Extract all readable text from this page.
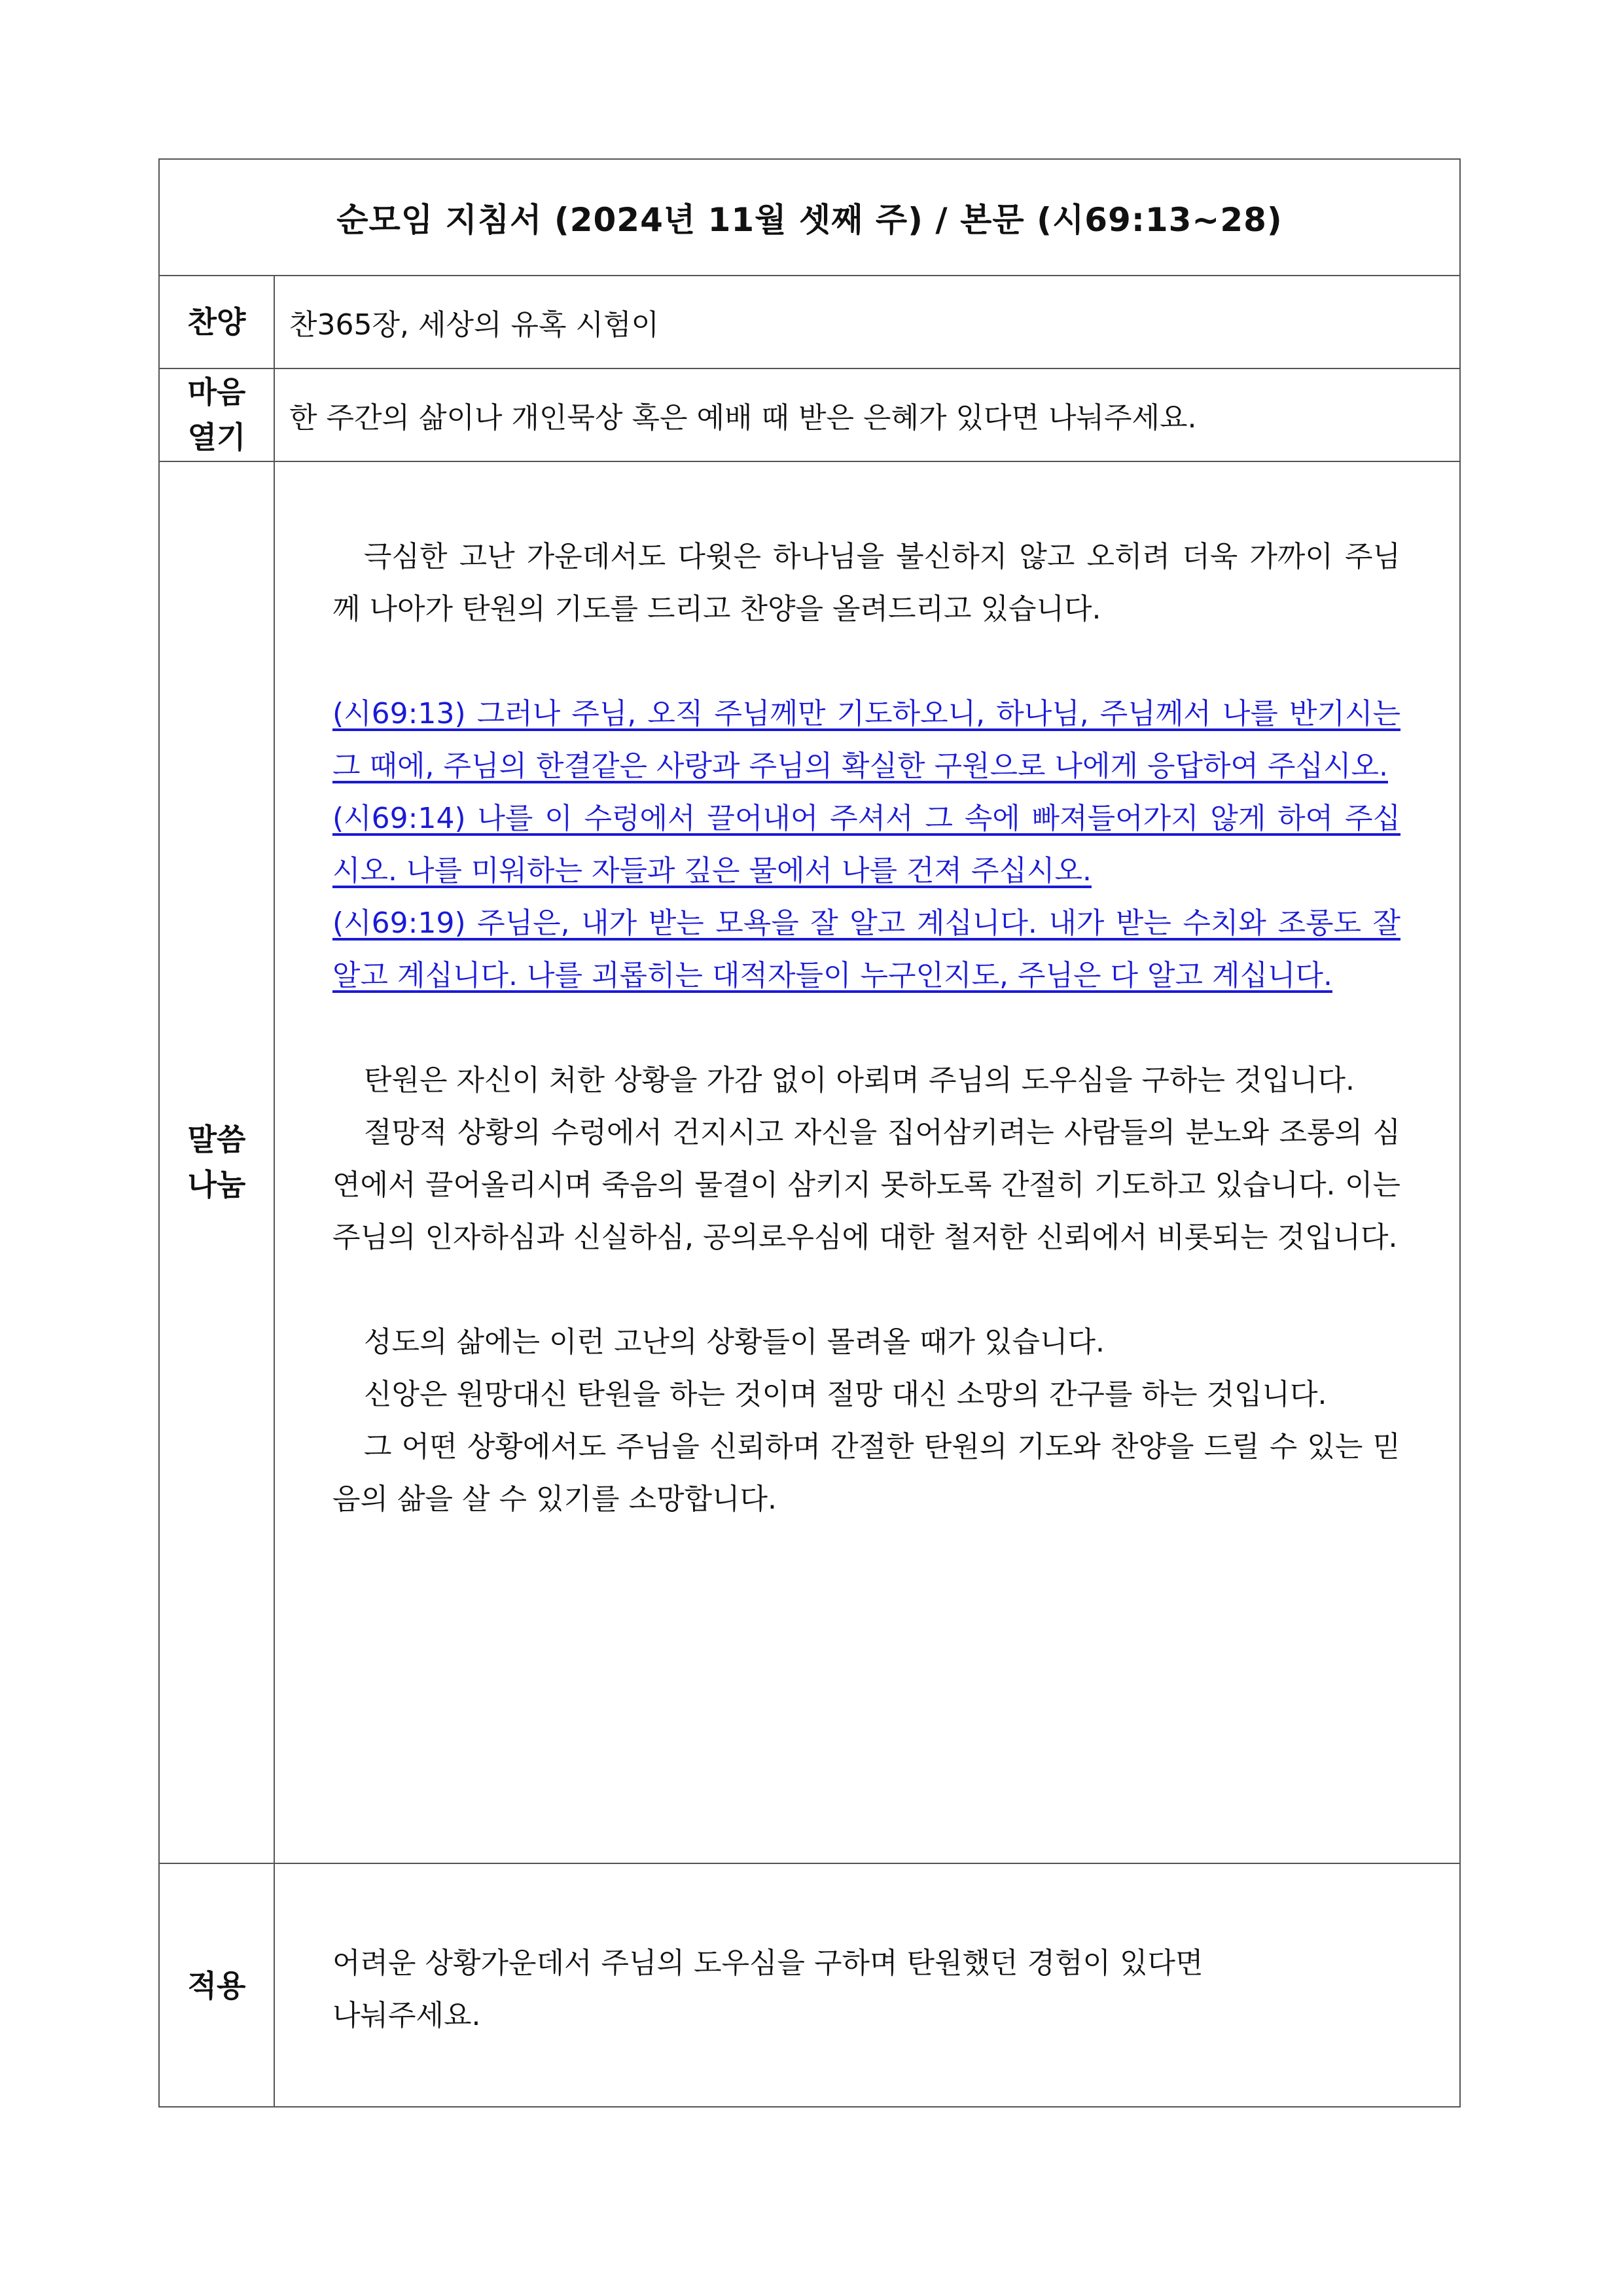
순모임 지침서 (2024년 11월 셋째 주) / 본문 (시69:13~28)
찬양 찬365장, 세상의 유혹 시험이
마음
열기
한 주간의 삶이나 개인묵상 혹은 예배 때 받은 은혜가 있다면 나눠주세요.
말씀
나눔

극심한 고난 가운데서도 다윗은 하나님을 불신하지 않고 오히려 더욱 가까이 주님께 나아가 탄원의 기도를 드리고 찬양을 올려드리고 있습니다.

(시69:13) 그러나 주님, 오직 주님께만 기도하오니, 하나님, 주님께서 나를 반기시는 그 때에, 주님의 한결같은 사랑과 주님의 확실한 구원으로 나에게 응답하여 주십시오.

(시69:14) 나를 이 수렁에서 끌어내어 주셔서 그 속에 빠져들어가지 않게 하여 주십시오. 나를 미워하는 자들과 깊은 물에서 나를 건져 주십시오.

(시69:19) 주님은, 내가 받는 모욕을 잘 알고 계십니다. 내가 받는 수치와 조롱도 잘 알고 계십니다. 나를 괴롭히는 대적자들이 누구인지도, 주님은 다 알고 계십니다.

탄원은 자신이 처한 상황을 가감 없이 아뢰며 주님의 도우심을 구하는 것입니다.

절망적 상황의 수렁에서 건지시고 자신을 집어삼키려는 사람들의 분노와 조롱의 심연에서 끌어올리시며 죽음의 물결이 삼키지 못하도록 간절히 기도하고 있습니다. 이는 주님의 인자하심과 신실하심, 공의로우심에 대한 철저한 신뢰에서 비롯되는 것입니다.

성도의 삶에는 이런 고난의 상황들이 몰려올 때가 있습니다.

신앙은 원망대신 탄원을 하는 것이며 절망 대신 소망의 간구를 하는 것입니다.

그 어떤 상황에서도 주님을 신뢰하며 간절한 탄원의 기도와 찬양을 드릴 수 있는 믿음의 삶을 살 수 있기를 소망합니다.

적용

어려운 상황가운데서 주님의 도우심을 구하며 탄원했던 경험이 있다면

나눠주세요.
